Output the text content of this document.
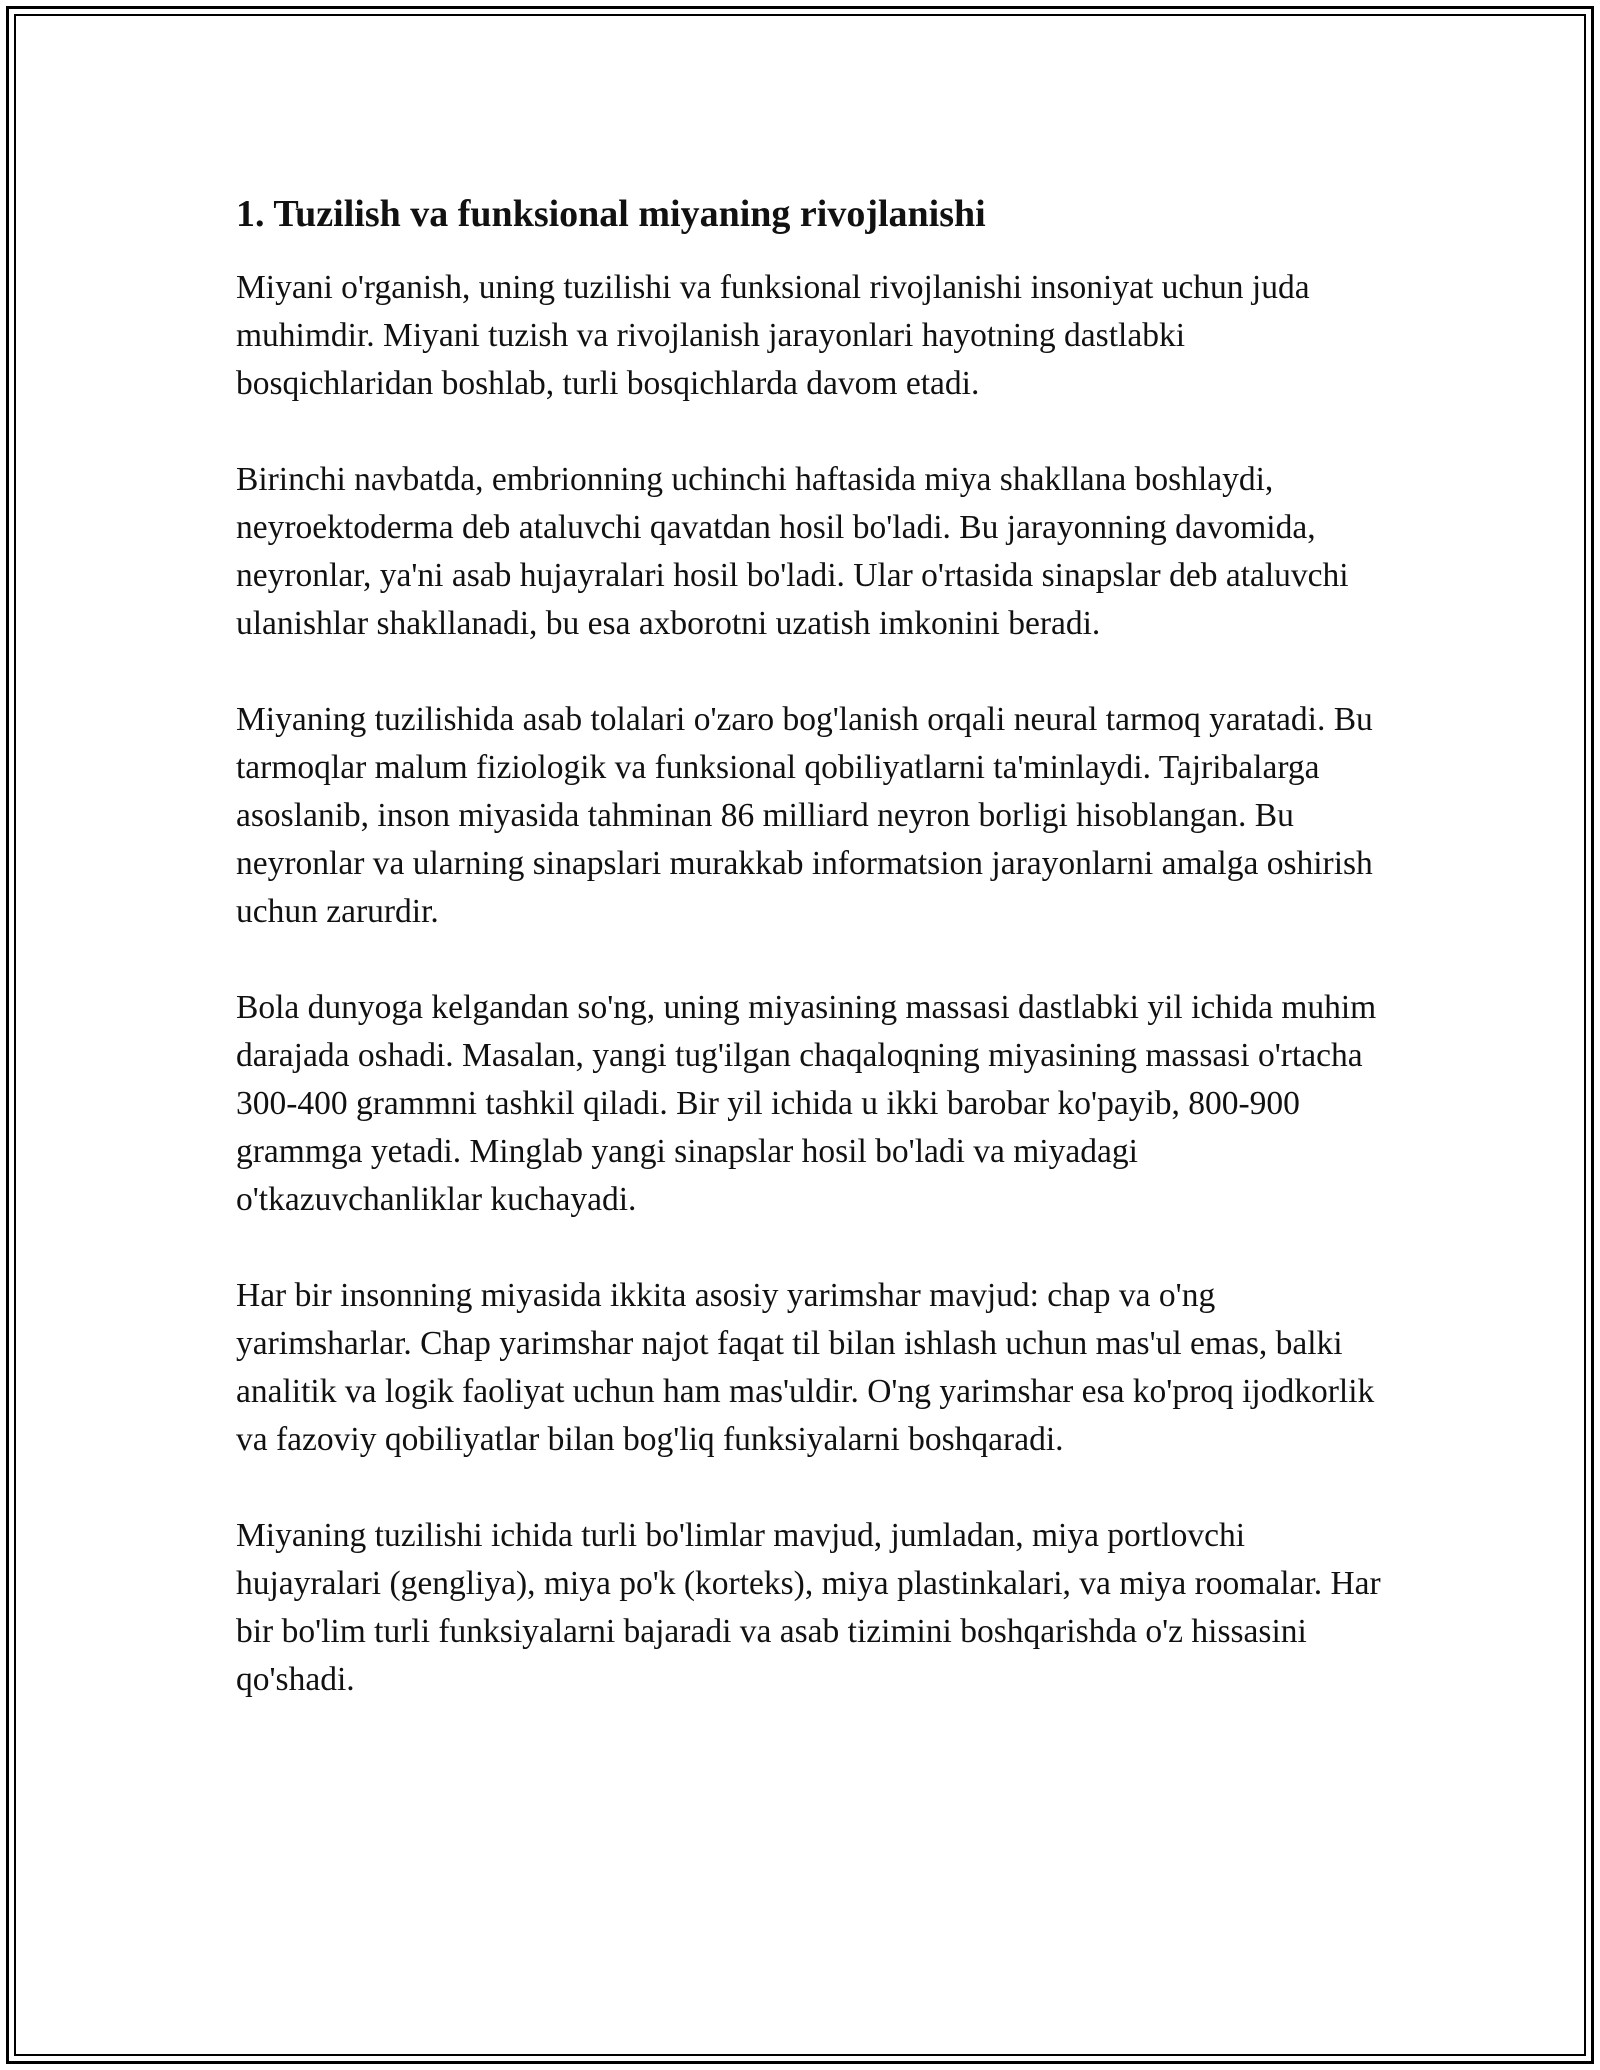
1. Tuzilish va funksional miyaning rivojlanishi

Miyani o'rganish, uning tuzilishi va funksional rivojlanishi insoniyat uchun juda muhimdir. Miyani tuzish va rivojlanish jarayonlari hayotning dastlabki bosqichlaridan boshlab, turli bosqichlarda davom etadi.

Birinchi navbatda, embrionning uchinchi haftasida miya shakllana boshlaydi, neyroektoderma deb ataluvchi qavatdan hosil bo'ladi. Bu jarayonning davomida, neyronlar, ya'ni asab hujayralari hosil bo'ladi. Ular o'rtasida sinapslar deb ataluvchi ulanishlar shakllanadi, bu esa axborotni uzatish imkonini beradi.

Miyaning tuzilishida asab tolalari o'zaro bog'lanish orqali neural tarmoq yaratadi. Bu tarmoqlar malum fiziologik va funksional qobiliyatlarni ta'minlaydi. Tajribalarga asoslanib, inson miyasida tahminan 86 milliard neyron borligi hisoblangan. Bu neyronlar va ularning sinapslari murakkab informatsion jarayonlarni amalga oshirish uchun zarurdir.

Bola dunyoga kelgandan so'ng, uning miyasining massasi dastlabki yil ichida muhim darajada oshadi. Masalan, yangi tug'ilgan chaqaloqning miyasining massasi o'rtacha 300-400 grammni tashkil qiladi. Bir yil ichida u ikki barobar ko'payib, 800-900 grammga yetadi. Minglab yangi sinapslar hosil bo'ladi va miyadagi o'tkazuvchanliklar kuchayadi.

Har bir insonning miyasida ikkita asosiy yarimshar mavjud: chap va o'ng yarimsharlar. Chap yarimshar najot faqat til bilan ishlash uchun mas'ul emas, balki analitik va logik faoliyat uchun ham mas'uldir. O'ng yarimshar esa ko'proq ijodkorlik va fazoviy qobiliyatlar bilan bog'liq funksiyalarni boshqaradi.

Miyaning tuzilishi ichida turli bo'limlar mavjud, jumladan, miya portlovchi hujayralari (gengliya), miya po'k (korteks), miya plastinkalari, va miya roomalar. Har bir bo'lim turli funksiyalarni bajaradi va asab tizimini boshqarishda o'z hissasini qo'shadi.
